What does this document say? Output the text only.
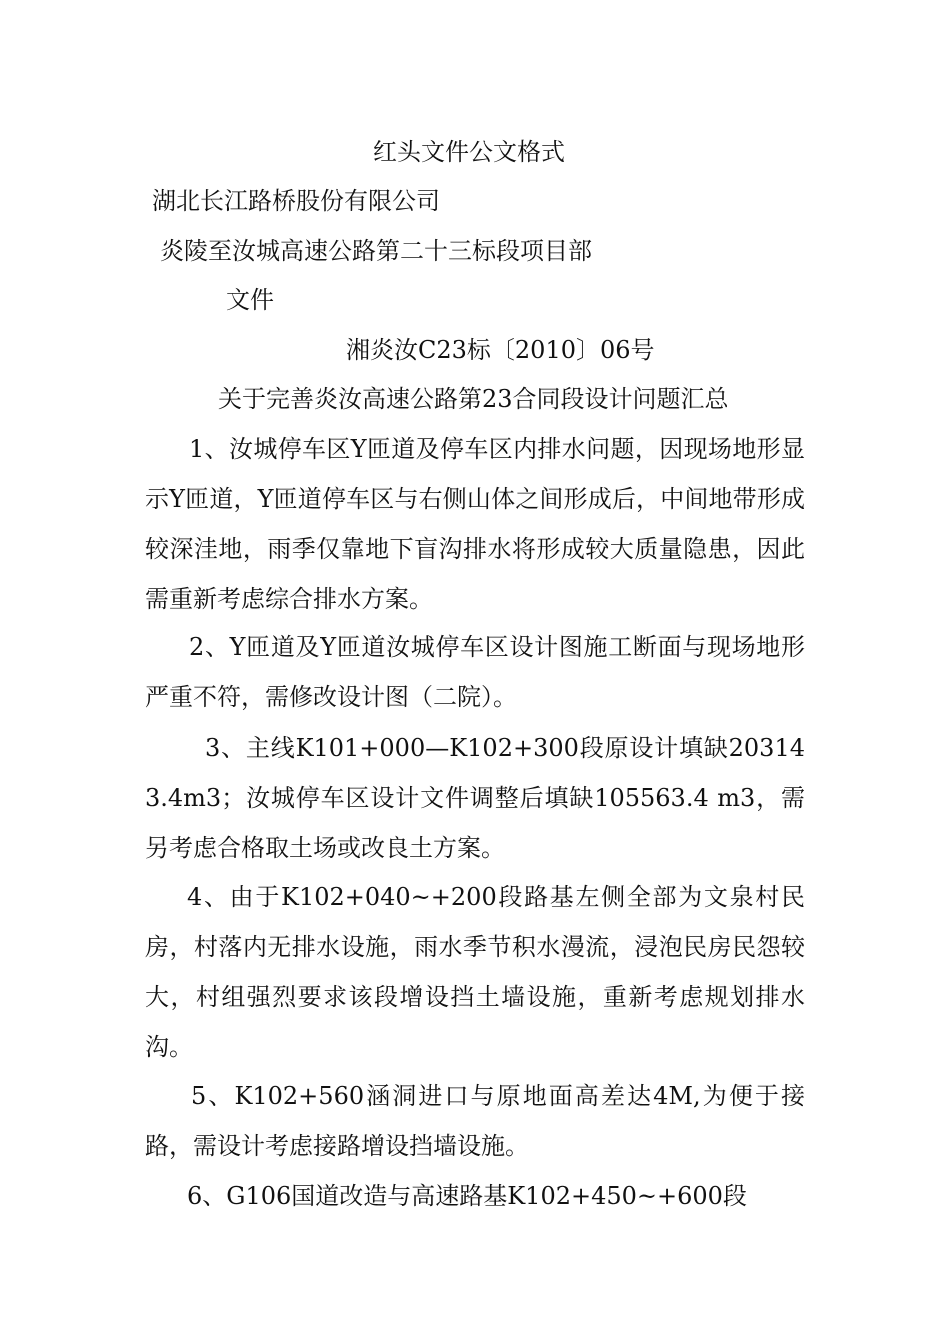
红头文件公文格式
湖北长江路桥股份有限公司
炎陵至汝城高速公路第二十三标段项目部
文件
湘炎汝C23标〔2010〕06号
关于完善炎汝高速公路第23合同段设计问题汇总
1、汝城停车区Y匝道及停车区内排水问题，因现场地形显示Y匝道，Y匝道停车区与右侧山体之间形成后，中间地带形成较深洼地，雨季仅靠地下盲沟排水将形成较大质量隐患，因此需重新考虑综合排水方案。
2、Y匝道及Y匝道汝城停车区设计图施工断面与现场地形严重不符，需修改设计图（二院）。
3、主线K101+000—K102+300段原设计填缺203143.4m3；汝城停车区设计文件调整后填缺105563.4 m3，需另考虑合格取土场或改良土方案。
4、由于K102+040~+200段路基左侧全部为文泉村民房，村落内无排水设施，雨水季节积水漫流，浸泡民房民怨较大，村组强烈要求该段增设挡土墙设施，重新考虑规划排水沟。
5、K102+560涵洞进口与原地面高差达4M,为便于接路，需设计考虑接路增设挡墙设施。
6、G106国道改造与高速路基K102+450~+600段
